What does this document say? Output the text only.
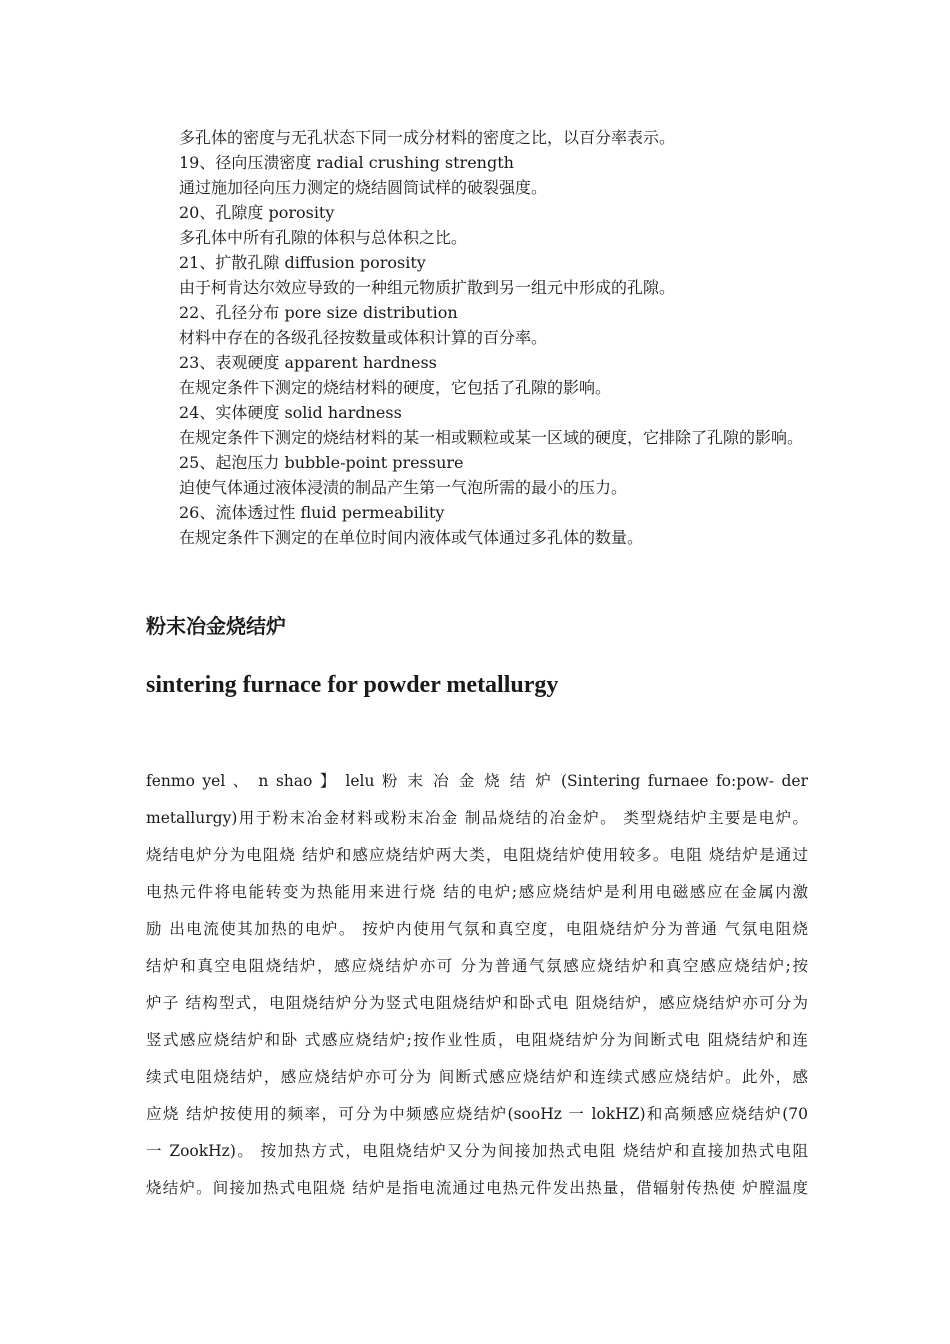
多孔体的密度与无孔状态下同一成分材料的密度之比，以百分率表示。

19、径向压溃密度 radial crushing strength

通过施加径向压力测定的烧结圆筒试样的破裂强度。

20、孔隙度 porosity

多孔体中所有孔隙的体积与总体积之比。

21、扩散孔隙 diffusion porosity

由于柯肯达尔效应导致的一种组元物质扩散到另一组元中形成的孔隙。

22、孔径分布 pore size distribution

材料中存在的各级孔径按数量或体积计算的百分率。

23、表观硬度 apparent hardness

在规定条件下测定的烧结材料的硬度，它包括了孔隙的影响。

24、实体硬度 solid hardness

在规定条件下测定的烧结材料的某一相或颗粒或某一区域的硬度，它排除了孔隙的影响。

25、起泡压力 bubble-point pressure

迫使气体通过液体浸渍的制品产生第一气泡所需的最小的压力。

26、流体透过性 fluid permeability

在规定条件下测定的在单位时间内液体或气体通过多孔体的数量。

粉末冶金烧结炉
sintering furnace for powder metallurgy
fenmo yel 、 n shao 】 lelu 粉 末 冶 金 烧 结 炉 (Sintering furnaee fo:pow- der
metallurgy)用于粉末冶金材料或粉末冶金 制品烧结的冶金炉。 类型烧结炉主要是电炉。
烧结电炉分为电阻烧 结炉和感应烧结炉两大类，电阻烧结炉使用较多。电阻 烧结炉是通过
电热元件将电能转变为热能用来进行烧 结的电炉;感应烧结炉是利用电磁感应在金属内激
励 出电流使其加热的电炉。 按炉内使用气氛和真空度，电阻烧结炉分为普通 气氛电阻烧
结炉和真空电阻烧结炉，感应烧结炉亦可 分为普通气氛感应烧结炉和真空感应烧结炉;按
炉子 结构型式，电阻烧结炉分为竖式电阻烧结炉和卧式电 阻烧结炉，感应烧结炉亦可分为
竖式感应烧结炉和卧 式感应烧结炉;按作业性质，电阻烧结炉分为间断式电 阻烧结炉和连
续式电阻烧结炉，感应烧结炉亦可分为 间断式感应烧结炉和连续式感应烧结炉。此外，感
应烧 结炉按使用的频率，可分为中频感应烧结炉(sooHz 一 lokHZ)和高频感应烧结炉(70
一 ZookHz)。 按加热方式，电阻烧结炉又分为间接加热式电阻 烧结炉和直接加热式电阻
烧结炉。间接加热式电阻烧 结炉是指电流通过电热元件发出热量，借辐射传热使 炉膛温度
